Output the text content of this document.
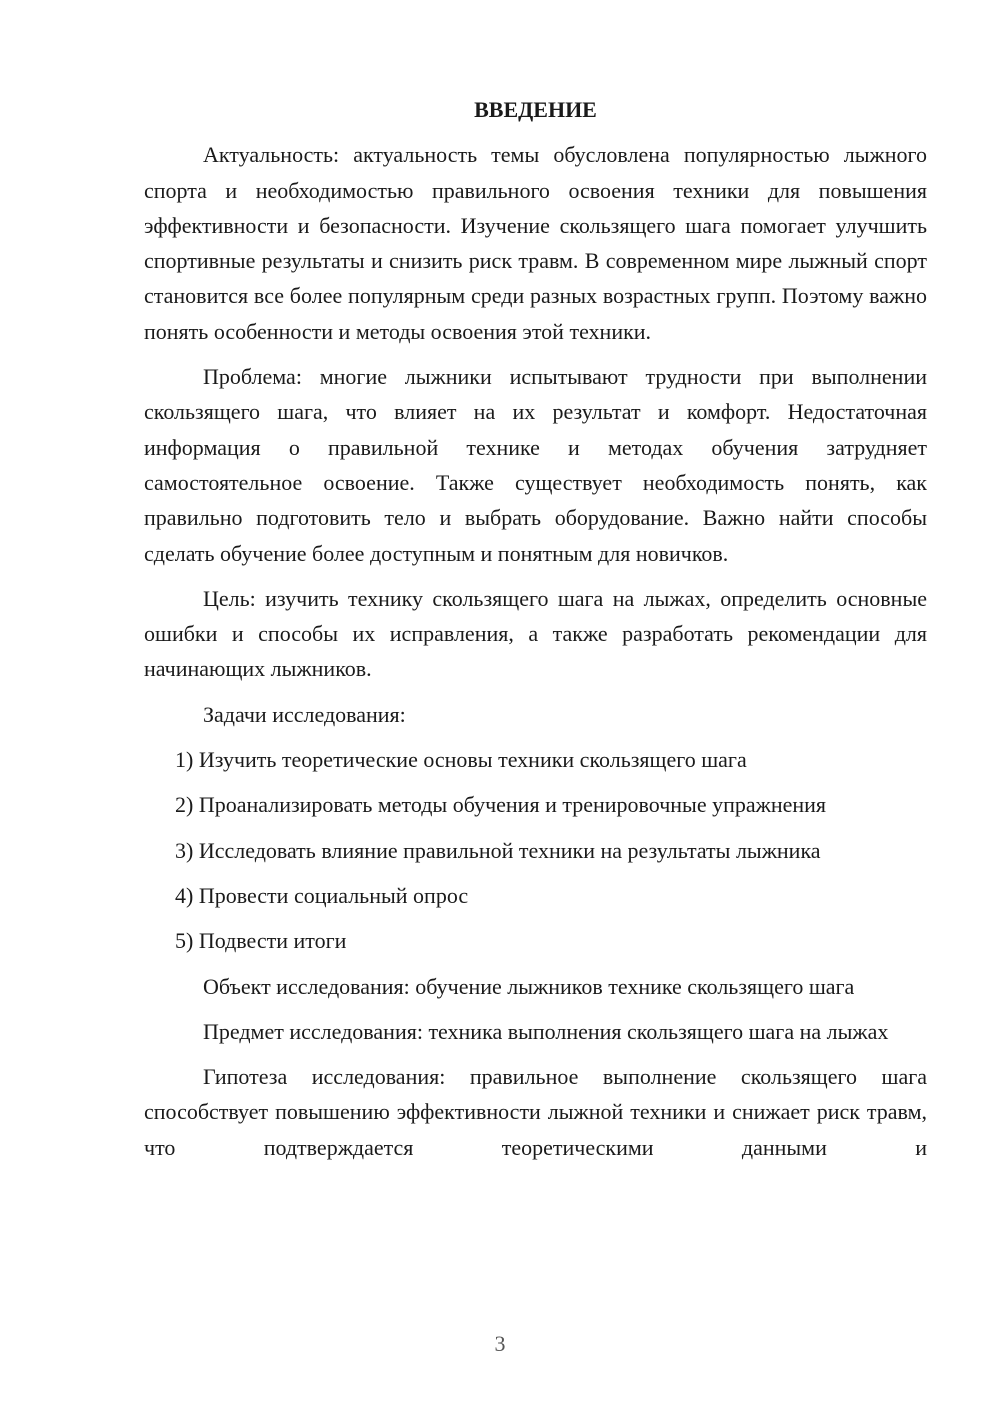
ВВЕДЕНИЕ

Актуальность: актуальность темы обусловлена популярностью лыжного спорта и необходимостью правильного освоения техники для повышения эффективности и безопасности. Изучение скользящего шага помогает улучшить спортивные результаты и снизить риск травм. В современном мире лыжный спорт становится все более популярным среди разных возрастных групп. Поэтому важно понять особенности и методы освоения этой техники.

Проблема: многие лыжники испытывают трудности при выполнении скользящего шага, что влияет на их результат и комфорт. Недостаточная информация о правильной технике и методах обучения затрудняет самостоятельное освоение. Также существует необходимость понять, как правильно подготовить тело и выбрать оборудование. Важно найти способы сделать обучение более доступным и понятным для новичков.

Цель: изучить технику скользящего шага на лыжах, определить основные ошибки и способы их исправления, а также разработать рекомендации для начинающих лыжников.

Задачи исследования:

1) Изучить теоретические основы техники скользящего шага
2) Проанализировать методы обучения и тренировочные упражнения
3) Исследовать влияние правильной техники на результаты лыжника
4) Провести социальный опрос
5) Подвести итоги

Объект исследования: обучение лыжников технике скользящего шага

Предмет исследования: техника выполнения скользящего шага на лыжах

Гипотеза исследования: правильное выполнение скользящего шага способствует повышению эффективности лыжной техники и снижает риск травм, что подтверждается теоретическими данными и

3
